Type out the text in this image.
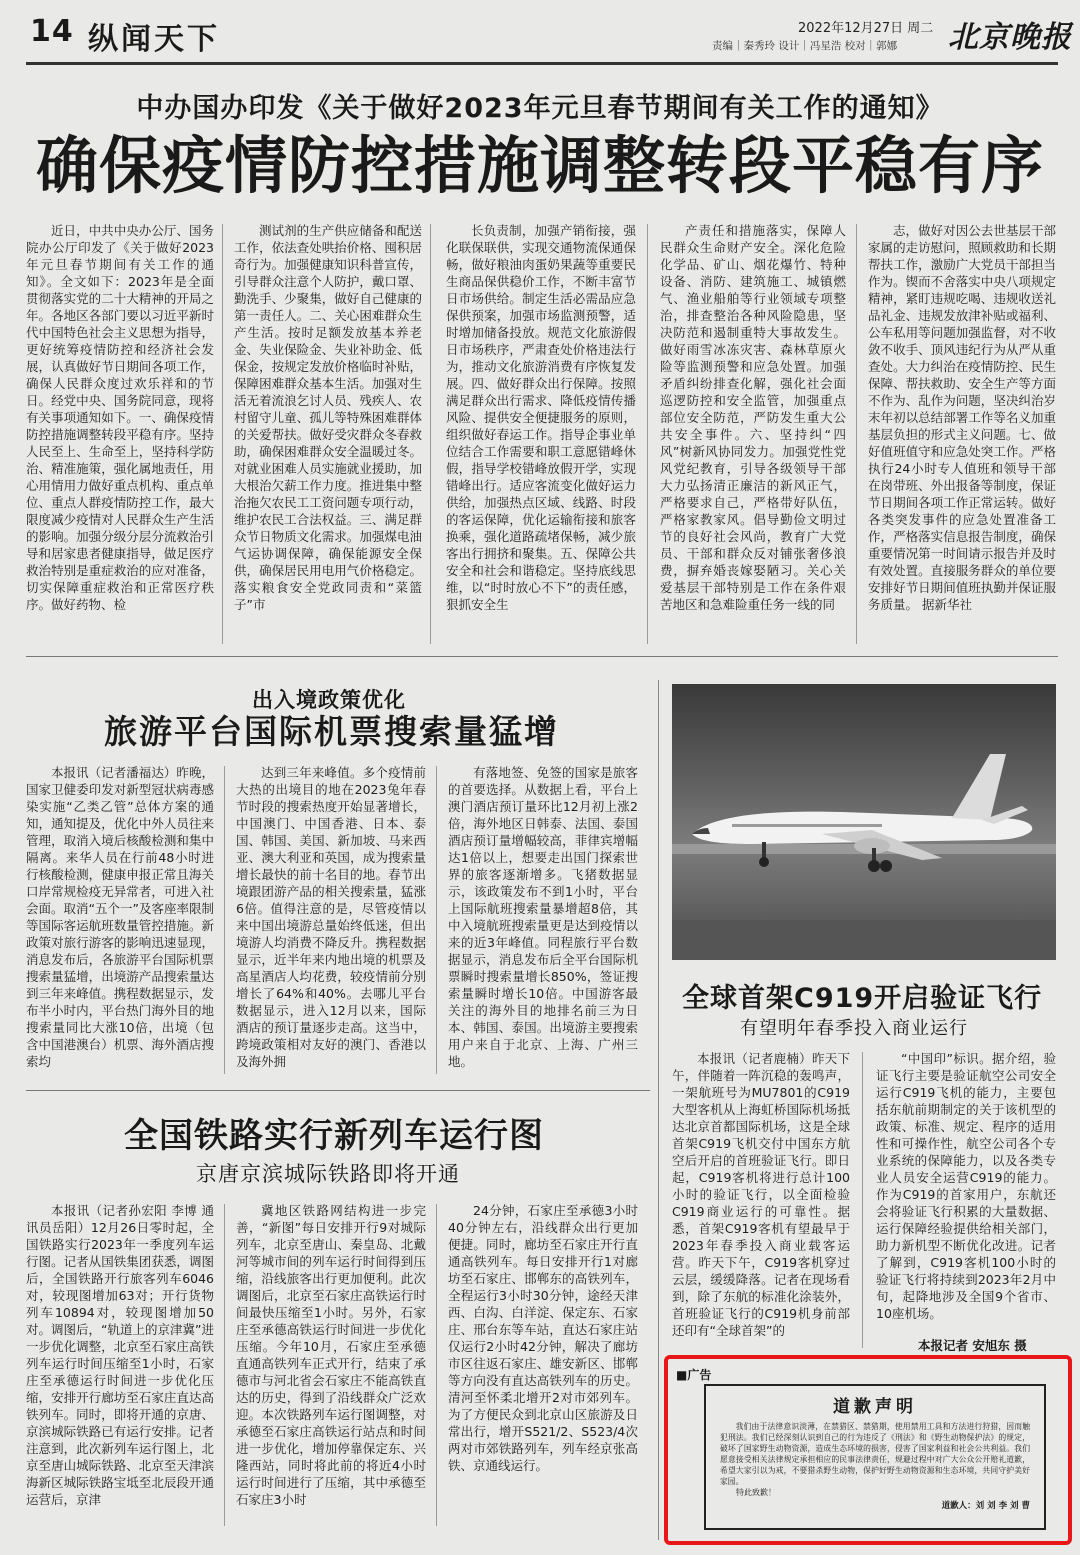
14 纵闻天下	2022年12月27日 周二
责编｜秦秀玲 设计｜冯星浩 校对｜郭娜 北京晚报
中办国办印发《关于做好2023年元旦春节期间有关工作的通知》
确保疫情防控措施调整转段平稳有序

近日，中共中央办公厅、国务院办公厅印发了《关于做好2023年元旦春节期间有关工作的通知》。全文如下：2023年是全面贯彻落实党的二十大精神的开局之年。各地区各部门要以习近平新时代中国特色社会主义思想为指导，更好统筹疫情防控和经济社会发展，认真做好节日期间各项工作，确保人民群众度过欢乐祥和的节日。经党中央、国务院同意，现将有关事项通知如下。一、确保疫情防控措施调整转段平稳有序。坚持人民至上、生命至上，坚持科学防治、精准施策，强化属地责任，用心用情用力做好重点机构、重点单位、重点人群疫情防控工作，最大限度减少疫情对人民群众生产生活的影响。加强分级分层分流救治引导和居家患者健康指导，做足医疗救治特别是重症救治的应对准备，切实保障重症救治和正常医疗秩序。做好药物、检

测试剂的生产供应储备和配送工作，依法查处哄抬价格、囤积居奇行为。加强健康知识科普宣传，引导群众注意个人防护，戴口罩、勤洗手、少聚集，做好自己健康的第一责任人。二、关心困难群众生产生活。按时足额发放基本养老金、失业保险金、失业补助金、低保金，按规定发放价格临时补贴，保障困难群众基本生活。加强对生活无着流浪乞讨人员、残疾人、农村留守儿童、孤儿等特殊困难群体的关爱帮扶。做好受灾群众冬春救助，确保困难群众安全温暖过冬。对就业困难人员实施就业援助，加大根治欠薪工作力度。推进集中整治拖欠农民工工资问题专项行动，维护农民工合法权益。三、满足群众节日物质文化需求。加强煤电油气运协调保障，确保能源安全保供，确保居民用电用气价格稳定。落实粮食安全党政同责和“菜篮子”市

长负责制，加强产销衔接，强化联保联供，实现交通物流保通保畅，做好粮油肉蛋奶果蔬等重要民生商品保供稳价工作，不断丰富节日市场供给。制定生活必需品应急保供预案，加强市场监测预警，适时增加储备投放。规范文化旅游假日市场秩序，严肃查处价格违法行为，推动文化旅游消费有序恢复发展。四、做好群众出行保障。按照满足群众出行需求、降低疫情传播风险、提供安全便捷服务的原则，组织做好春运工作。指导企事业单位结合工作需要和职工意愿错峰休假，指导学校错峰放假开学，实现错峰出行。适应客流变化做好运力供给，加强热点区域、线路、时段的客运保障，优化运输衔接和旅客换乘，强化道路疏堵保畅，减少旅客出行拥挤和聚集。五、保障公共安全和社会和谐稳定。坚持底线思维，以“时时放心不下”的责任感，狠抓安全生

产责任和措施落实，保障人民群众生命财产安全。深化危险化学品、矿山、烟花爆竹、特种设备、消防、建筑施工、城镇燃气、渔业船舶等行业领域专项整治，排查整治各种风险隐患，坚决防范和遏制重特大事故发生。做好雨雪冰冻灾害、森林草原火险等监测预警和应急处置。加强矛盾纠纷排查化解，强化社会面巡逻防控和安全监管，加强重点部位安全防范，严防发生重大公共安全事件。六、坚持纠“四风”树新风协同发力。加强党性党风党纪教育，引导各级领导干部大力弘扬清正廉洁的新风正气，严格要求自己，严格带好队伍，严格家教家风。倡导勤俭文明过节的良好社会风尚，教育广大党员、干部和群众反对铺张奢侈浪费，摒弃婚丧嫁娶陋习。关心关爱基层干部特别是工作在条件艰苦地区和急难险重任务一线的同

志，做好对因公去世基层干部家属的走访慰问，照顾救助和长期帮扶工作，激励广大党员干部担当作为。锲而不舍落实中央八项规定精神，紧盯违规吃喝、违规收送礼品礼金、违规发放津补贴或福利、公车私用等问题加强监督，对不收敛不收手、顶风违纪行为从严从重查处。大力纠治在疫情防控、民生保障、帮扶救助、安全生产等方面不作为、乱作为问题，坚决纠治岁末年初以总结部署工作等名义加重基层负担的形式主义问题。七、做好值班值守和应急处突工作。严格执行24小时专人值班和领导干部在岗带班、外出报备等制度，保证节日期间各项工作正常运转。做好各类突发事件的应急处置准备工作，严格落实信息报告制度，确保重要情况第一时间请示报告并及时有效处置。直接服务群众的单位要安排好节日期间值班执勤并保证服务质量。 据新华社

出入境政策优化
旅游平台国际机票搜索量猛增

本报讯（记者潘福达）昨晚，国家卫健委印发对新型冠状病毒感染实施“乙类乙管”总体方案的通知，通知提及，优化中外人员往来管理，取消入境后核酸检测和集中隔离。来华人员在行前48小时进行核酸检测，健康申报正常且海关口岸常规检疫无异常者，可进入社会面。取消“五个一”及客座率限制等国际客运航班数量管控措施。新政策对旅行游客的影响迅速显现，消息发布后，各旅游平台国际机票搜索量猛增，出境游产品搜索量达到三年来峰值。携程数据显示，发布半小时内，平台热门海外目的地搜索量同比大涨10倍，出境（包含中国港澳台）机票、海外酒店搜索均

达到三年来峰值。多个疫情前大热的出境目的地在2023兔年春节时段的搜索热度开始显著增长，中国澳门、中国香港、日本、泰国、韩国、美国、新加坡、马来西亚、澳大利亚和英国，成为搜索量增长最快的前十名目的地。春节出境跟团游产品的相关搜索量，猛涨6倍。值得注意的是，尽管疫情以来中国出境游总量始终低迷，但出境游人均消费不降反升。携程数据显示，近半年来内地出境的机票及高星酒店人均花费，较疫情前分别增长了64%和40%。去哪儿平台数据显示，进入12月以来，国际酒店的预订量逐步走高。这当中，跨境政策相对友好的澳门、香港以及海外拥

有落地签、免签的国家是旅客的首要选择。从数据上看，平台上澳门酒店预订量环比12月初上涨2倍，海外地区日韩泰、法国、泰国酒店预订量增幅较高，菲律宾增幅达1倍以上，想要走出国门探索世界的旅客逐渐增多。飞猪数据显示，该政策发布不到1小时，平台上国际航班搜索量暴增超8倍，其中入境航班搜索量更是达到疫情以来的近3年峰值。同程旅行平台数据显示，消息发布后全平台国际机票瞬时搜索量增长850%，签证搜索量瞬时增长10倍。中国游客最关注的海外目的地排名前三为日本、韩国、泰国。出境游主要搜索用户来自于北京、上海、广州三地。

全国铁路实行新列车运行图
京唐京滨城际铁路即将开通

本报讯（记者孙宏阳 李博 通讯员岳阳）12月26日零时起，全国铁路实行2023年一季度列车运行图。记者从国铁集团获悉，调图后，全国铁路开行旅客列车6046对，较现图增加63对；开行货物列车10894对，较现图增加50对。调图后，“轨道上的京津冀”进一步优化调整，北京至石家庄高铁列车运行时间压缩至1小时，石家庄至承德运行时间进一步优化压缩，安排开行廊坊至石家庄直达高铁列车。同时，即将开通的京唐、京滨城际铁路已有运行安排。记者注意到，此次新列车运行图上，北京至唐山城际铁路、北京至天津滨海新区城际铁路宝坻至北辰段开通运营后，京津

冀地区铁路网结构进一步完善，“新图”每日安排开行9对城际列车，北京至唐山、秦皇岛、北戴河等城市间的列车运行时间得到压缩，沿线旅客出行更加便利。此次调图后，北京至石家庄高铁运行时间最快压缩至1小时。另外，石家庄至承德高铁运行时间进一步优化压缩。今年10月，石家庄至承德直通高铁列车正式开行，结束了承德市与河北省会石家庄不能高铁直达的历史，得到了沿线群众广泛欢迎。本次铁路列车运行图调整，对承德至石家庄高铁运行站点和时间进一步优化，增加停靠保定东、兴隆西站，同时将此前的将近4小时运行时间进行了压缩，其中承德至石家庄3小时

24分钟，石家庄至承德3小时40分钟左右，沿线群众出行更加便捷。同时，廊坊至石家庄开行直通高铁列车。每日安排开行1对廊坊至石家庄、邯郸东的高铁列车，全程运行3小时30分钟，途经天津西、白沟、白洋淀、保定东、石家庄、邢台东等车站，直达石家庄站仅运行2小时42分钟，解决了廊坊市区往返石家庄、雄安新区、邯郸等方向没有直达高铁列车的历史。清河至怀柔北增开2对市郊列车。为了方便民众到北京山区旅游及日常出行，增开S521/2、S523/4次两对市郊铁路列车，列车经京张高铁、京通线运行。

全球首架C919开启验证飞行
有望明年春季投入商业运行

本报讯（记者鹿楠）昨天下午，伴随着一阵沉稳的轰鸣声，一架航班号为MU7801的C919大型客机从上海虹桥国际机场抵达北京首都国际机场，这是全球首架C919飞机交付中国东方航空后开启的首班验证飞行。即日起，C919客机将进行总计100小时的验证飞行，以全面检验C919商业运行的可靠性。据悉，首架C919客机有望最早于2023年春季投入商业载客运营。昨天下午，C919客机穿过云层，缓缓降落。记者在现场看到，除了东航的标准化涂装外，首班验证飞行的C919机身前部还印有“全球首架”的

“中国印”标识。据介绍，验证飞行主要是验证航空公司安全运行C919飞机的能力，主要包括东航前期制定的关于该机型的政策、标准、规定、程序的适用性和可操作性，航空公司各个专业系统的保障能力，以及各类专业人员安全运营C919的能力。作为C919的首家用户，东航还会将验证飞行积累的大量数据、运行保障经验提供给相关部门，助力新机型不断优化改进。记者了解到，C919客机100小时的验证飞行将持续到2023年2月中旬，起降地涉及全国9个省市、10座机场。

本报记者 安旭东 摄
■广告
道歉声明
我们由于法律意识淡薄，在禁猎区、禁猎期，使用禁用工具和方法进行狩猎，因而触犯刑法。我们已经深刻认识到自己的行为违反了《刑法》和《野生动物保护法》的规定，破坏了国家野生动物资源，造成生态环境的损害，侵害了国家利益和社会公共利益。我们愿意接受相关法律规定承担相应的民事法律责任，规避过程中对广大公众公开赔礼道歉，希望大家引以为戒，不要猎杀野生动物，保护好野生动物资源和生态环境，共同守护美好家园。
特此致歉！
道歉人：刘 刘 李 刘 曹
